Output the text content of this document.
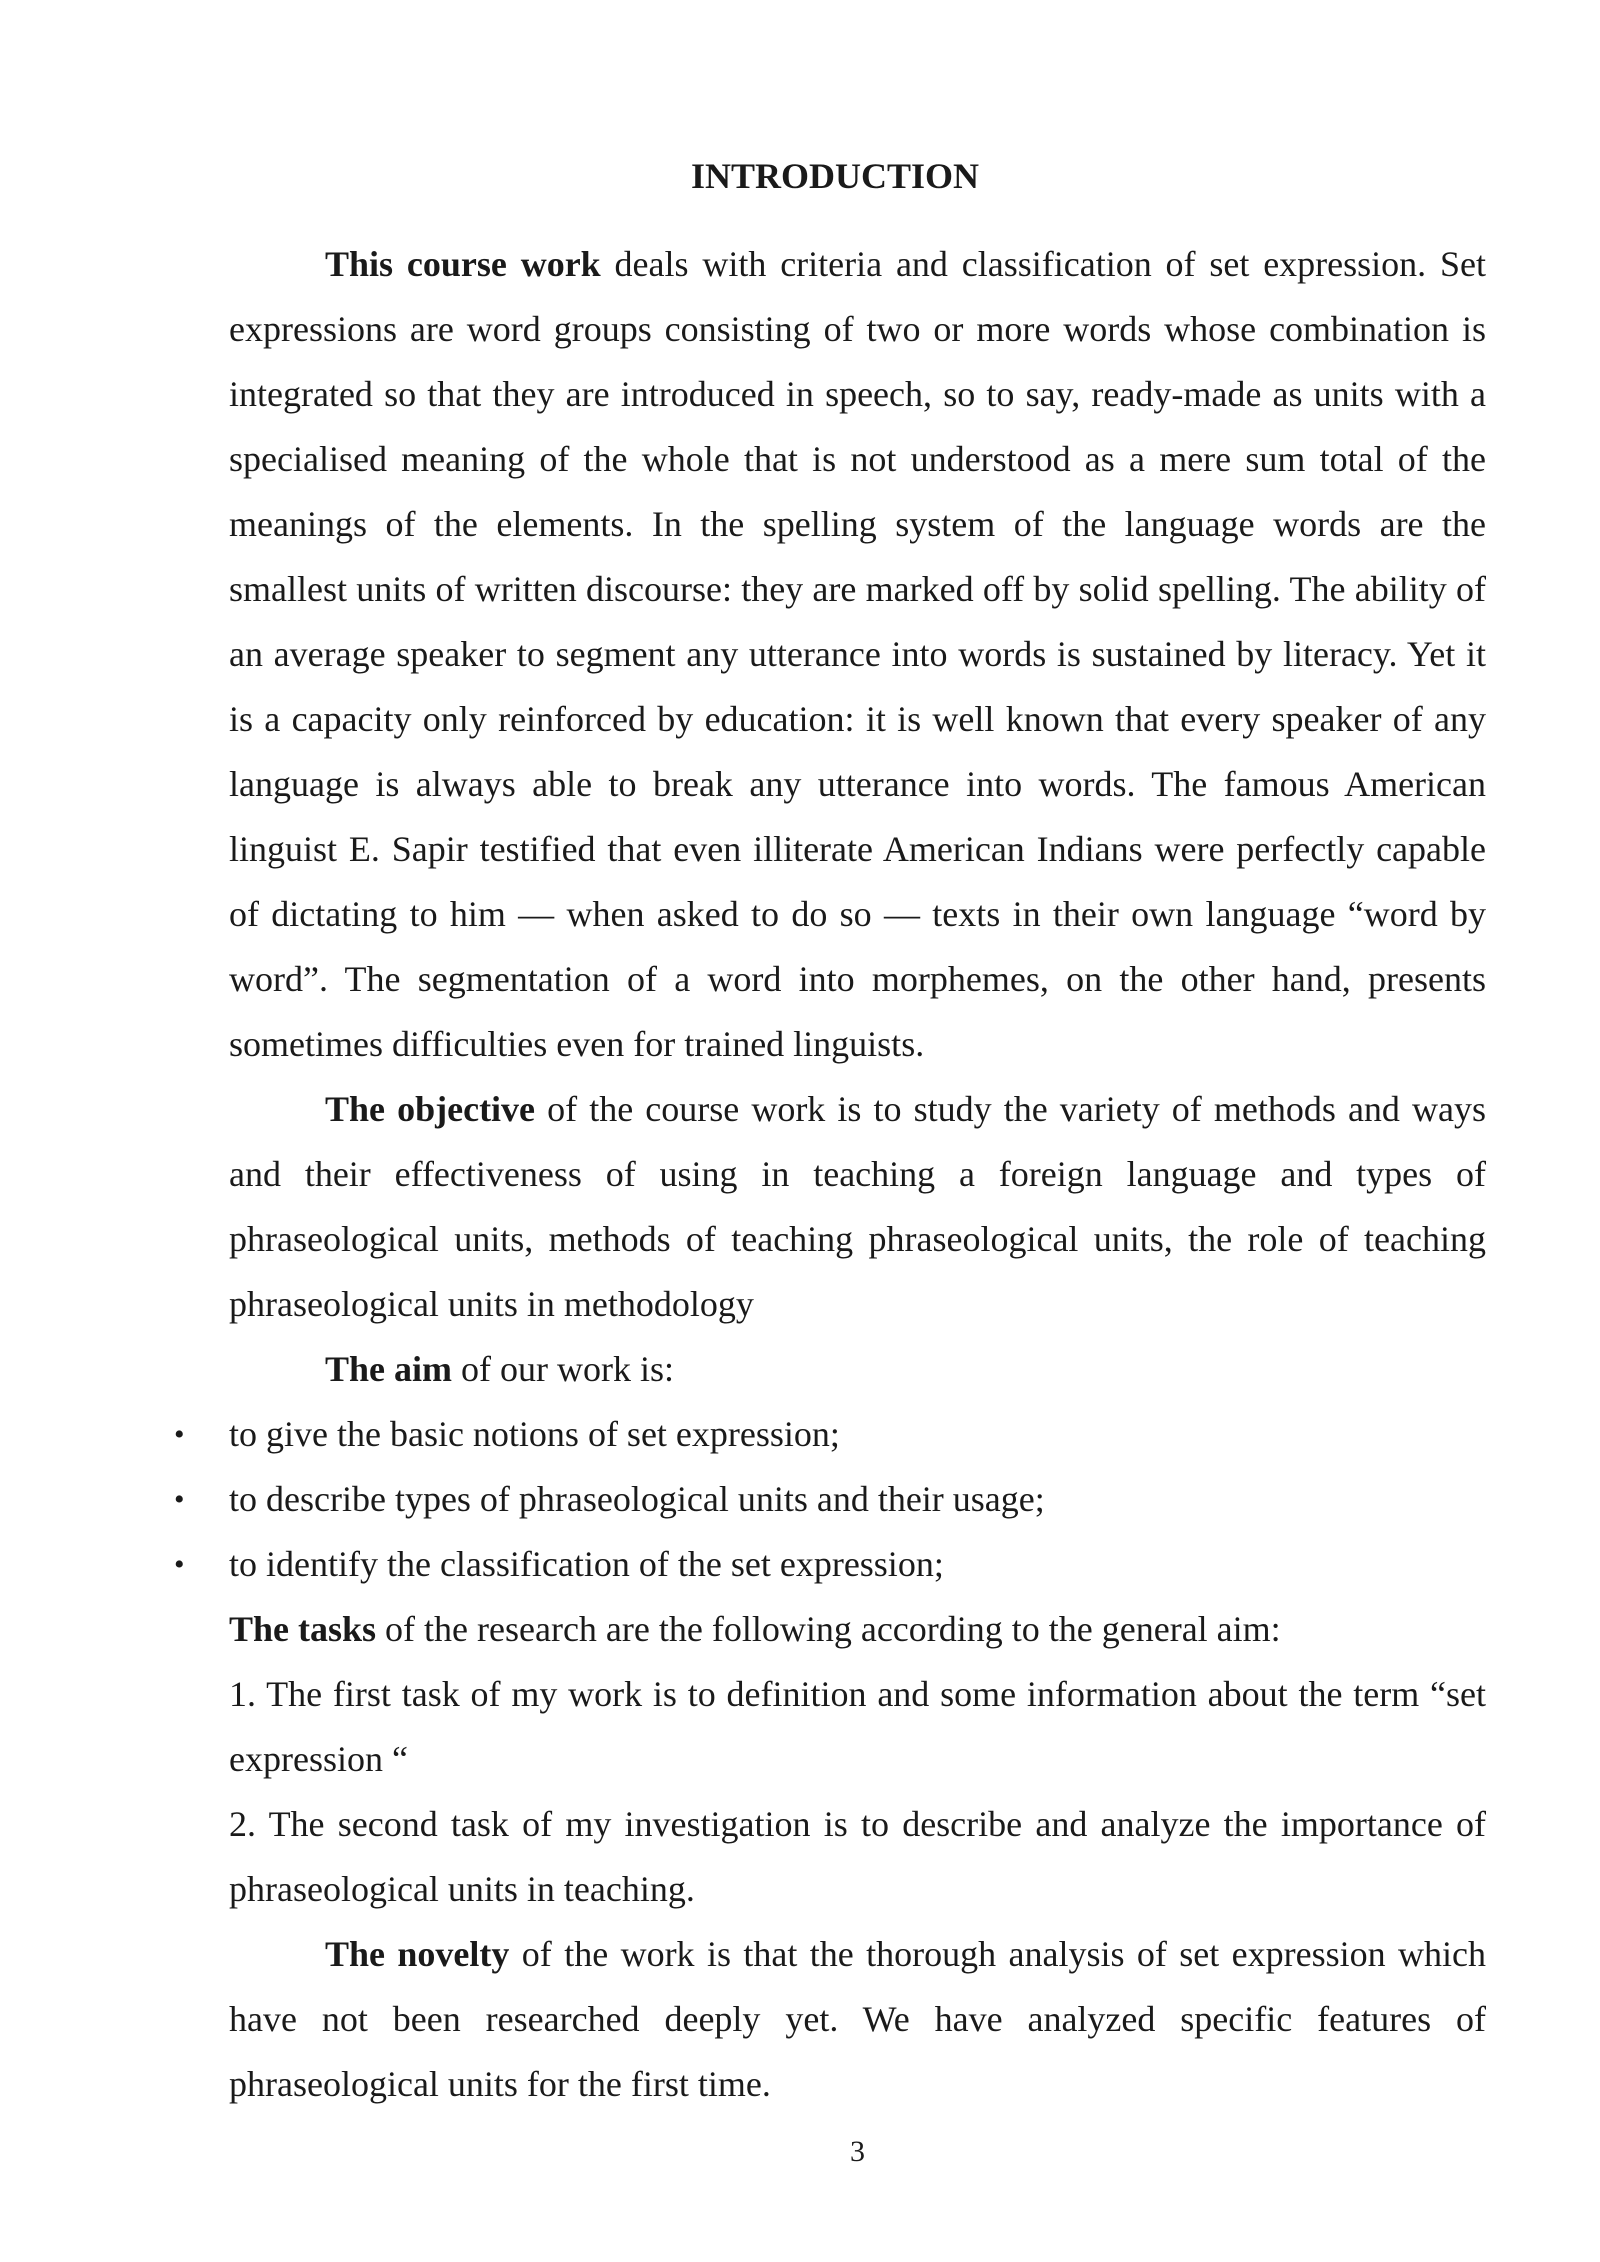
INTRODUCTION

This course work deals with criteria and classification of set expression. Set expressions are word groups consisting of two or more words whose combination is integrated so that they are introduced in speech, so to say, ready-made as units with a specialised meaning of the whole that is not understood as a mere sum total of the meanings of the elements. In the spelling system of the language words are the smallest units of written discourse: they are marked off by solid spelling. The ability of an average speaker to segment any utterance into words is sustained by literacy. Yet it is a capacity only reinforced by education: it is well known that every speaker of any language is always able to break any utterance into words. The famous American linguist E. Sapir testified that even illiterate American Indians were perfectly capable of dictating to him — when asked to do so — texts in their own language “word by word”. The segmentation of a word into morphemes, on the other hand, presents sometimes difficulties even for trained linguists.

The objective of the course work is to study the variety of methods and ways and their effectiveness of using in teaching a foreign language and types of phraseological units, methods of teaching phraseological units, the role of teaching phraseological units in methodology

The aim of our work is:

• to give the basic notions of set expression;
• to describe types of phraseological units and their usage;
• to identify the classification of the set expression;

The tasks of the research are the following according to the general aim:

1. The first task of my work is to definition and some information about the term “set expression “

2. The second task of my investigation is to describe and analyze the importance of phraseological units in teaching.

The novelty of the work is that the thorough analysis of set expression which have not been researched deeply yet. We have analyzed specific features of phraseological units for the first time.

3
